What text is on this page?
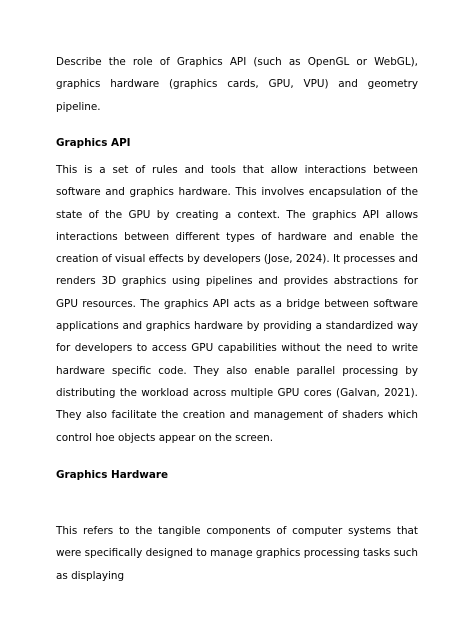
Describe the role of Graphics API (such as OpenGL or WebGL), graphics hardware (graphics cards, GPU, VPU) and geometry pipeline.

Graphics API

This is a set of rules and tools that allow interactions between software and graphics hardware. This involves encapsulation of the state of the GPU by creating a context. The graphics API allows interactions between different types of hardware and enable the creation of visual effects by developers (Jose, 2024). It processes and renders 3D graphics using pipelines and provides abstractions for GPU resources. The graphics API acts as a bridge between software applications and graphics hardware by providing a standardized way for developers to access GPU capabilities without the need to write hardware specific code. They also enable parallel processing by distributing the workload across multiple GPU cores (Galvan, 2021). They also facilitate the creation and management of shaders which control hoe objects appear on the screen.

Graphics Hardware

This refers to the tangible components of computer systems that were specifically designed to manage graphics processing tasks such as displaying
